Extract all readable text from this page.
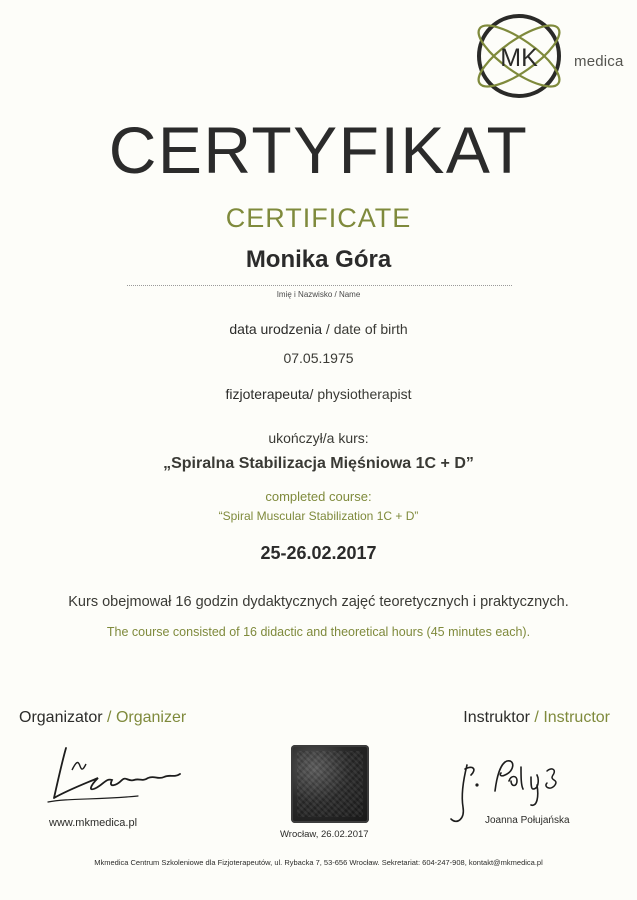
MK medica
CERTYFIKAT
CERTIFICATE
Monika Góra
Imię i Nazwisko / Name
data urodzenia / date of birth
07.05.1975
fizjoterapeuta/ physiotherapist
ukończył/a kurs:
„Spiralna Stabilizacja Mięśniowa 1C + D”
completed course:
“Spiral Muscular Stabilization 1C + D”
25-26.02.2017
Kurs obejmował 16 godzin dydaktycznych zajęć teoretycznych i praktycznych.
The course consisted of 16 didactic and theoretical hours (45 minutes each).
Organizator / Organizer
www.mkmedica.pl
Wrocław, 26.02.2017
Instruktor / Instructor
Joanna Połujańska
Mkmedica Centrum Szkoleniowe dla Fizjoterapeutów, ul. Rybacka 7, 53-656 Wrocław. Sekretariat: 604-247-908, kontakt@mkmedica.pl
